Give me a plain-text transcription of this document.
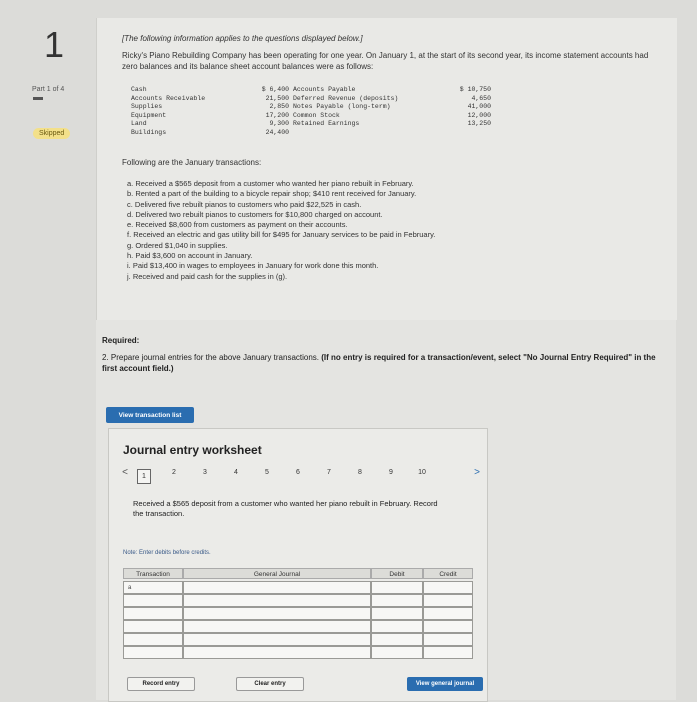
1
Part 1 of 4
Skipped
[The following information applies to the questions displayed below.]
Ricky's Piano Rebuilding Company has been operating for one year. On January 1, at the start of its second year, its income statement accounts had zero balances and its balance sheet account balances were as follows:
Cash	$ 6,400 Accounts Payable	$ 10,750
Accounts Receivable	21,500 Deferred Revenue (deposits)	4,650
Supplies	2,850 Notes Payable (long-term)	41,000
Equipment	17,200 Common Stock	12,000
Land	9,300 Retained Earnings	13,250
Buildings	24,400
Following are the January transactions:
a. Received a $565 deposit from a customer who wanted her piano rebuilt in February.
b. Rented a part of the building to a bicycle repair shop; $410 rent received for January.
c. Delivered five rebuilt pianos to customers who paid $22,525 in cash.
d. Delivered two rebuilt pianos to customers for $10,800 charged on account.
e. Received $8,600 from customers as payment on their accounts.
f. Received an electric and gas utility bill for $495 for January services to be paid in February.
g. Ordered $1,040 in supplies.
h. Paid $3,600 on account in January.
i. Paid $13,400 in wages to employees in January for work done this month.
j. Received and paid cash for the supplies in (g).
Required:
2. Prepare journal entries for the above January transactions. (If no entry is required for a transaction/event, select "No Journal Entry Required" in the first account field.)
View transaction list
Journal entry worksheet
<	1
2	3	4	5	6	7	8	9	10	>
Received a $565 deposit from a customer who wanted her piano rebuilt in February. Record the transaction.
Note: Enter debits before credits.
Transaction	General Journal	Debit	Credit
a
Record entry	Clear entry	View general journal
